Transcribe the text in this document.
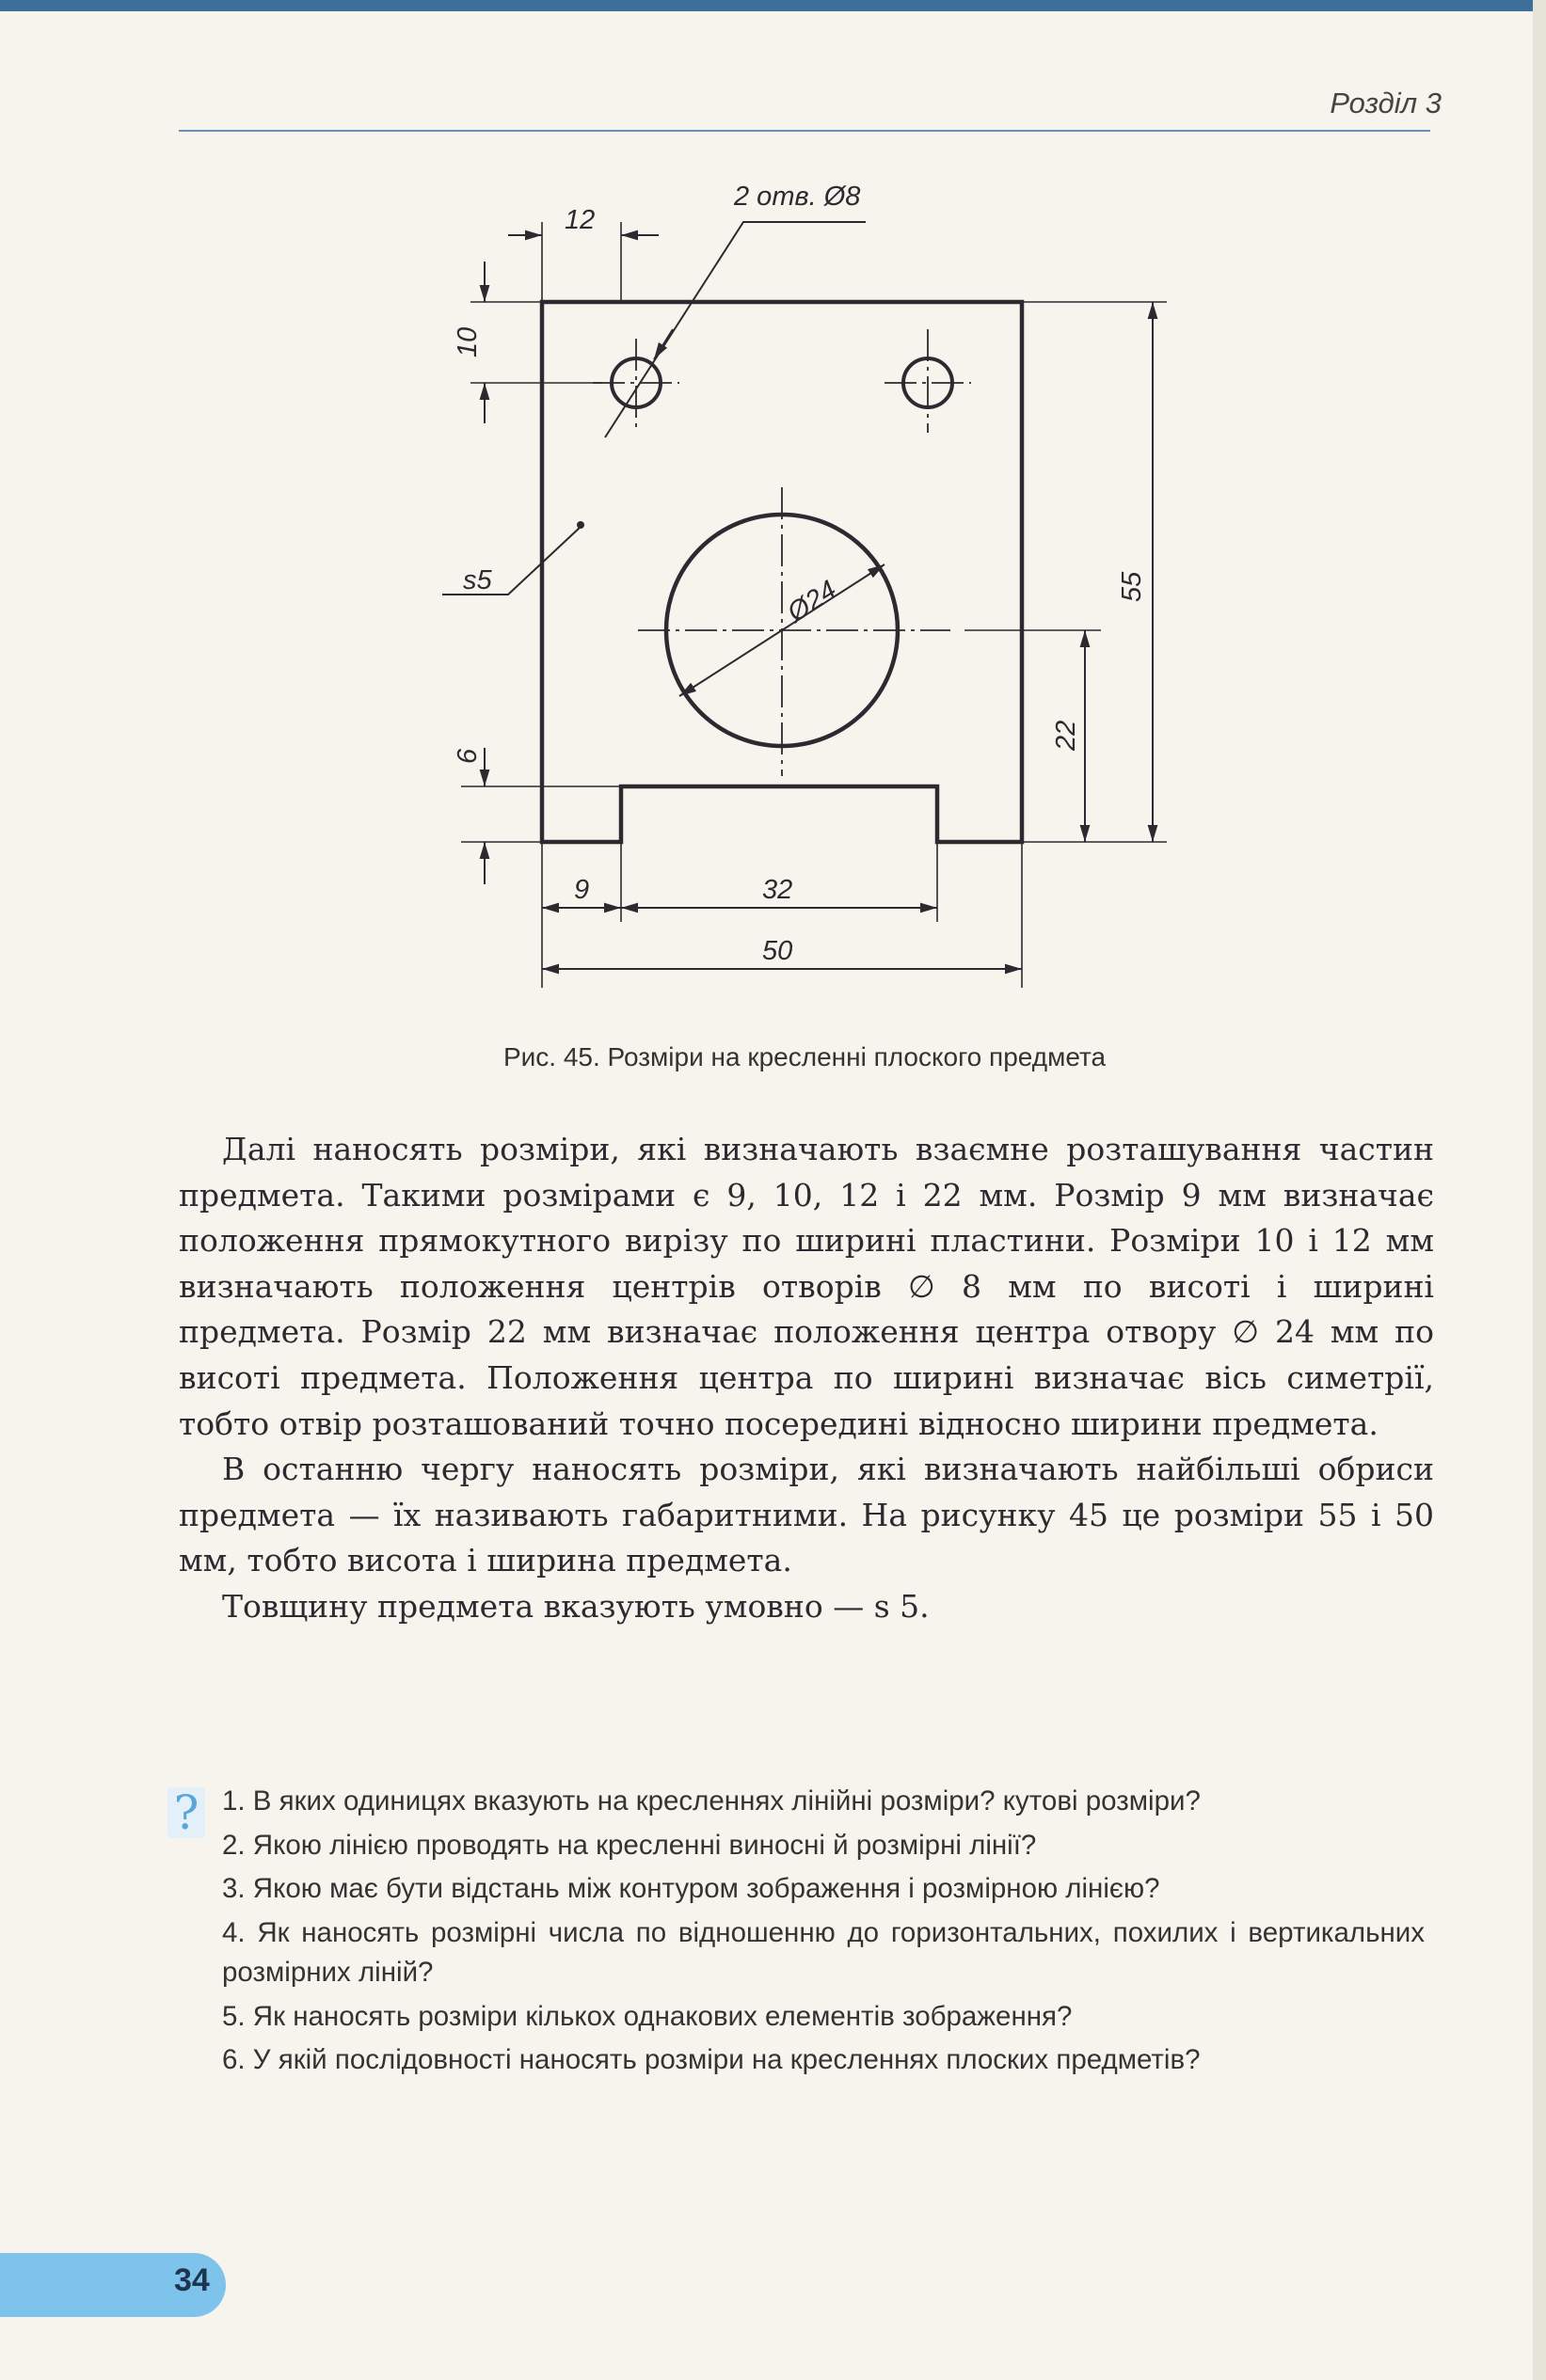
Розділ 3
2 отв. Ø8
12
10
s5	Ø24
6
22
55
9	32
50
Рис. 45. Розміри на кресленні плоского предмета

Далі наносять розміри, які визначають взаємне розташування частин предмета. Такими розмірами є 9, 10, 12 і 22 мм. Розмір 9 мм визначає положення прямокутного вирізу по ширині пластини. Розміри 10 і 12 мм визначають положення центрів отворів ∅ 8 мм по висоті і ширині предмета. Розмір 22 мм визначає положення центра отвору ∅ 24 мм по висоті предмета. Положення центра по ширині визначає вісь симетрії, тобто отвір розташований точно посередині відносно ширини предмета.

В останню чергу наносять розміри, які визначають найбільші обриси предмета — їх називають габаритними. На рисунку 45 це розміри 55 і 50 мм, тобто висота і ширина предмета.

Товщину предмета вказують умовно — s 5.

? 1. В яких одиницях вказують на кресленнях лінійні розміри? кутові розміри?
2. Якою лінією проводять на кресленні виносні й розмірні лінії?
3. Якою має бути відстань між контуром зображення і розмірною лінією?
4. Як наносять розмірні числа по відношенню до горизонтальних, похилих і вертикальних розмірних ліній?
5. Як наносять розміри кількох однакових елементів зображення?
6. У якій послідовності наносять розміри на кресленнях плоских предметів?
34
